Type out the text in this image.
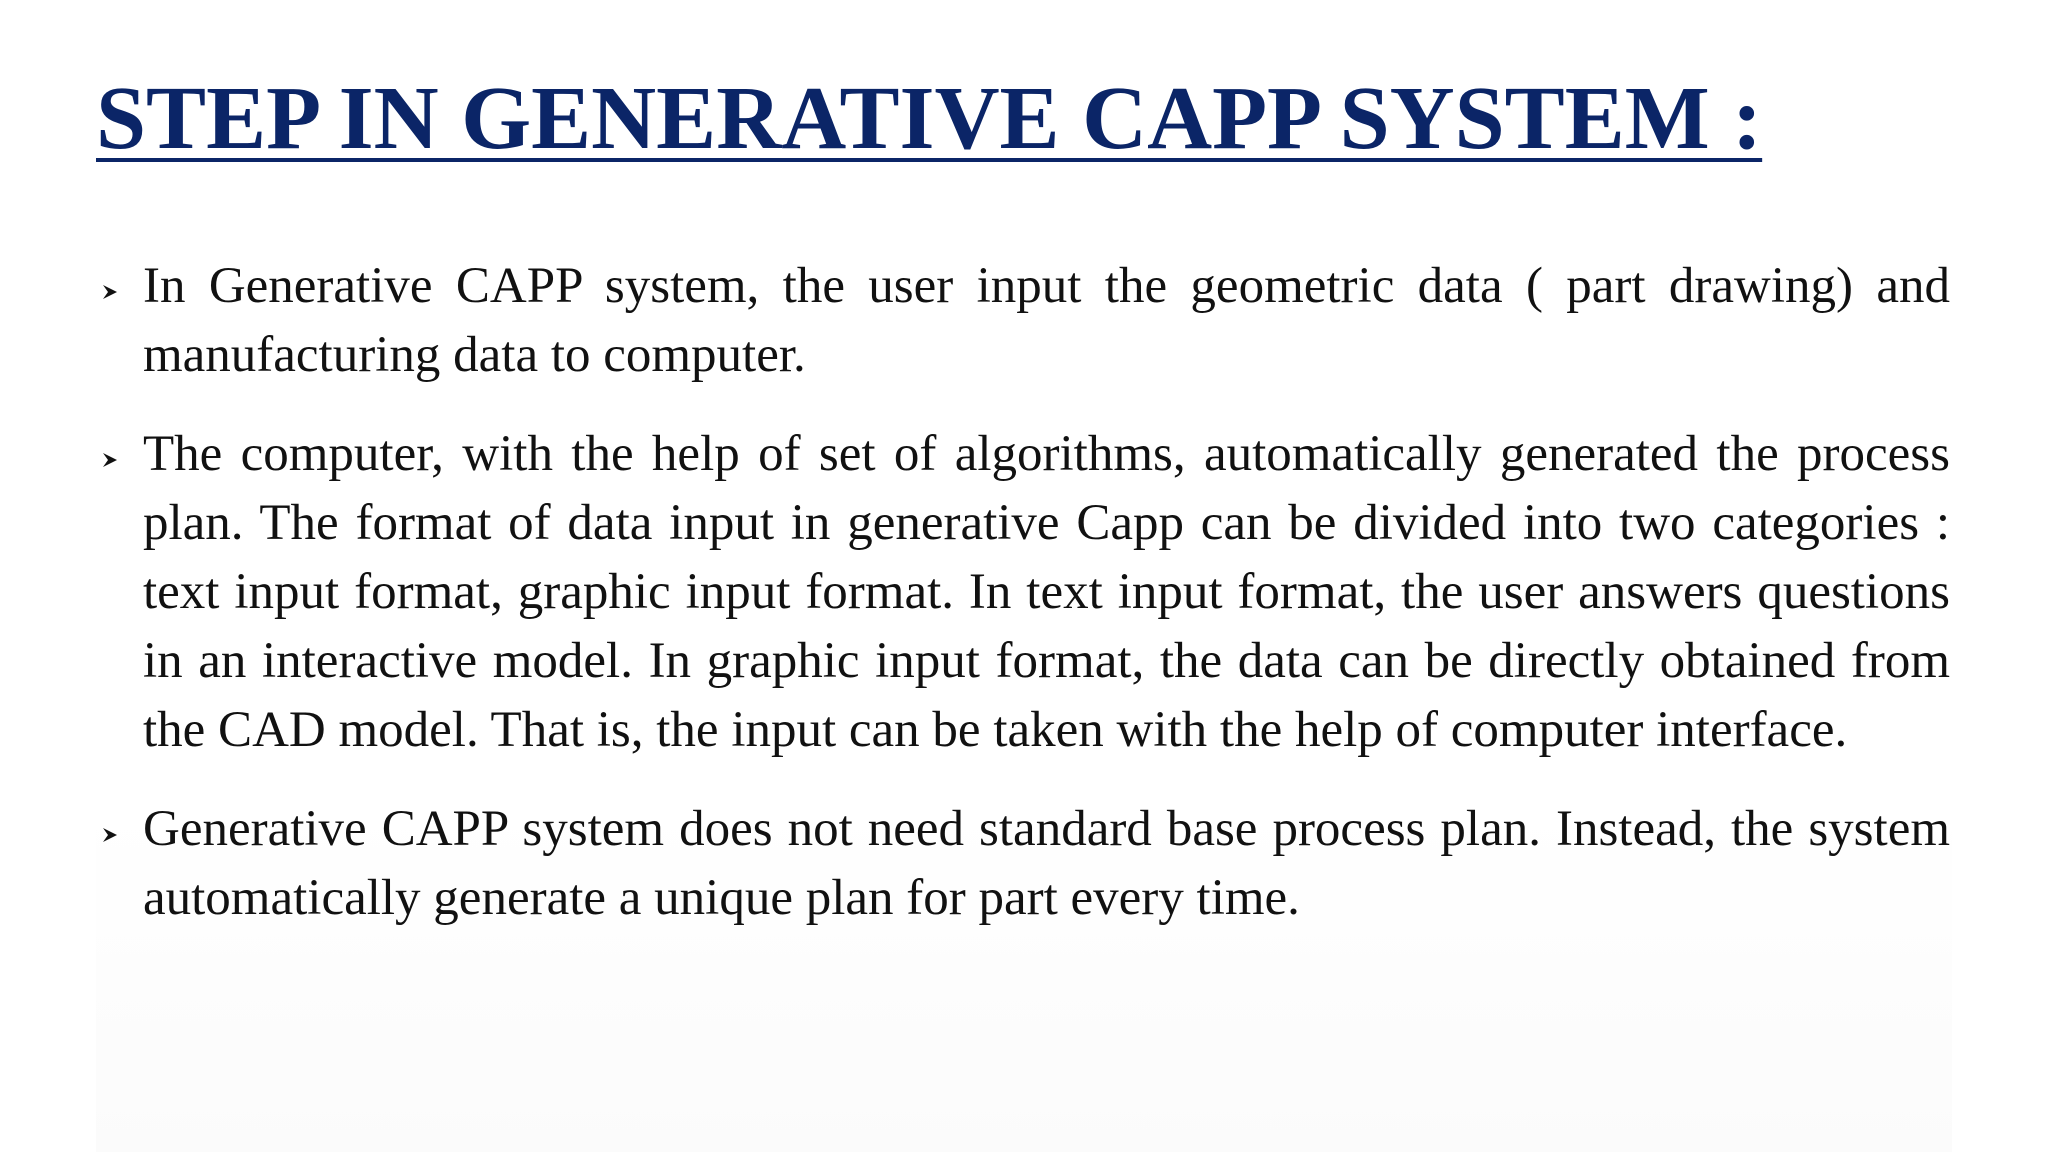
STEP IN GENERATIVE CAPP SYSTEM :
In Generative CAPP system, the user input the geometric data ( part drawing) and manufacturing data to computer.
The computer, with the help of set of algorithms, automatically generated the process plan. The format of data input in generative Capp can be divided into two categories : text input format, graphic input format. In text input format, the user answers questions in an interactive model. In graphic input format, the data can be directly obtained from the CAD model. That is, the input can be taken with the help of computer interface.
Generative CAPP system does not need standard base process plan. Instead, the system automatically generate a unique plan for part every time.
